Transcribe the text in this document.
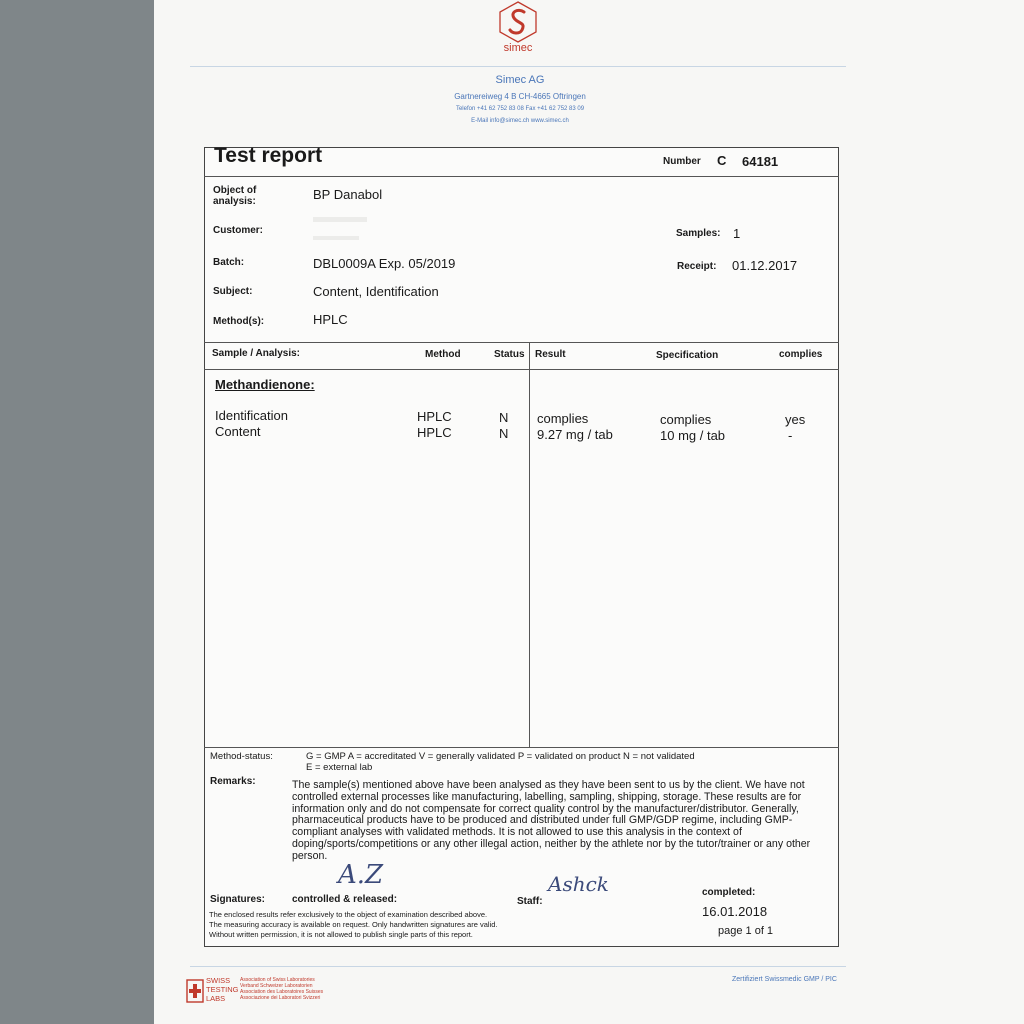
simec
Simec AG
Gartnereiweg 4 B CH-4665 Oftringen
Telefon +41 62 752 83 08 Fax +41 62 752 83 09
E-Mail info@simec.ch www.simec.ch
Test report	Number C 64181
Object of analysis:	BP Danabol
Customer:	Samples: 1
Batch:	DBL0009A Exp. 05/2019	Receipt: 01.12.2017
Subject:	Content, Identification
Method(s):	HPLC
Sample / Analysis:	Method	Status Result	Specification	complies
Methandienone:
Identification	HPLC	N complies	complies	yes
Content	HPLC	N 9.27 mg / tab	10 mg / tab	-
Method-status:	G = GMP A = accreditated V = generally validated P = validated on product N = not validated
E = external lab
Remarks:	The sample(s) mentioned above have been analysed as they have been sent to us by the client. We have not controlled external processes like manufacturing, labelling, sampling, shipping, storage. These results are for information only and do not compensate for correct quality control by the manufacturer/distributor. Generally, pharmaceutical products have to be produced and distributed under full GMP/GDP regime, including GMP-compliant analyses with validated methods. It is not allowed to use this analysis in the context of doping/sports/competitions or any other illegal action, neither by the athlete nor by the tutor/trainer or any other person.
Signatures:	controlled & released:
A.Z
Staff:
Ashck	completed:
16.01.2018
page 1 of 1
The enclosed results refer exclusively to the object of examination described above.
The measuring accuracy is available on request. Only handwritten signatures are valid.
Without written permission, it is not allowed to publish single parts of this report.
SWISS
TESTING
LABS
Association of Swiss Laboratories
Verband Schweizer Laboratorien
Association des Laboratoires Suisses
Associazione dei Laboratori Svizzeri
Zertifiziert Swissmedic GMP / PIC
